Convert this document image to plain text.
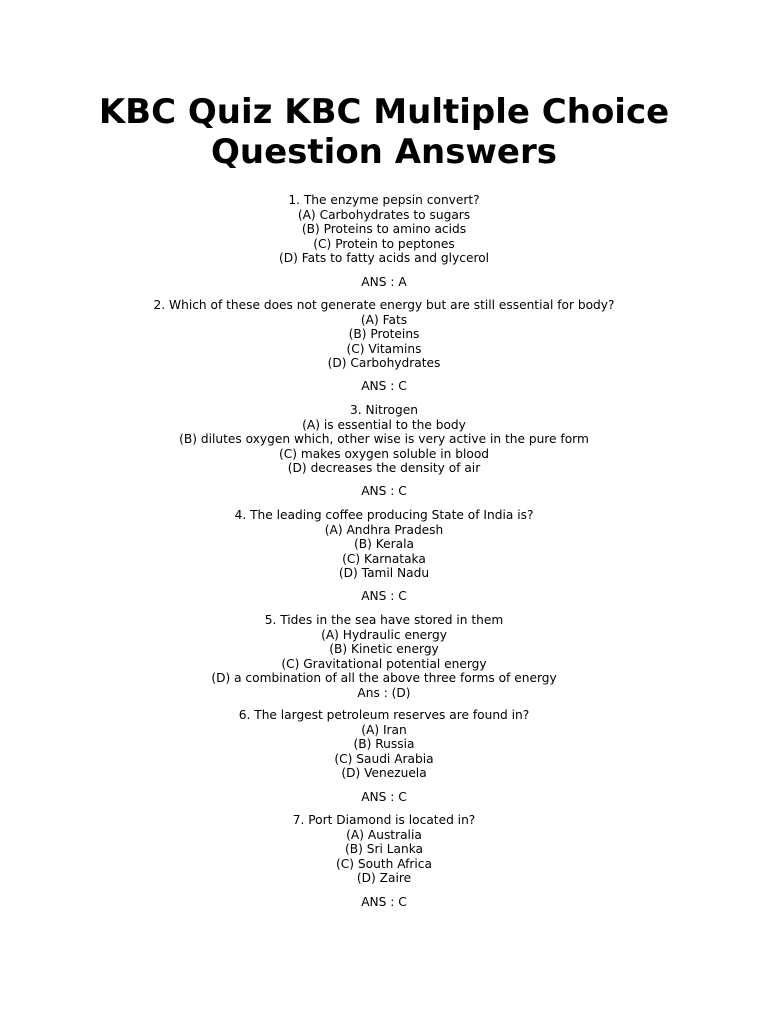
KBC Quiz KBC Multiple Choice
Question Answers
1. The enzyme pepsin convert?
(A) Carbohydrates to sugars
(B) Proteins to amino acids
(C) Protein to peptones
(D) Fats to fatty acids and glycerol
ANS : A
2. Which of these does not generate energy but are still essential for body?
(A) Fats
(B) Proteins
(C) Vitamins
(D) Carbohydrates
ANS : C
3. Nitrogen
(A) is essential to the body
(B) dilutes oxygen which, other wise is very active in the pure form
(C) makes oxygen soluble in blood
(D) decreases the density of air
ANS : C
4. The leading coffee producing State of India is?
(A) Andhra Pradesh
(B) Kerala
(C) Karnataka
(D) Tamil Nadu
ANS : C
5. Tides in the sea have stored in them
(A) Hydraulic energy
(B) Kinetic energy
(C) Gravitational potential energy
(D) a combination of all the above three forms of energy
Ans : (D)
6. The largest petroleum reserves are found in?
(A) Iran
(B) Russia
(C) Saudi Arabia
(D) Venezuela
ANS : C
7. Port Diamond is located in?
(A) Australia
(B) Sri Lanka
(C) South Africa
(D) Zaire
ANS : C
